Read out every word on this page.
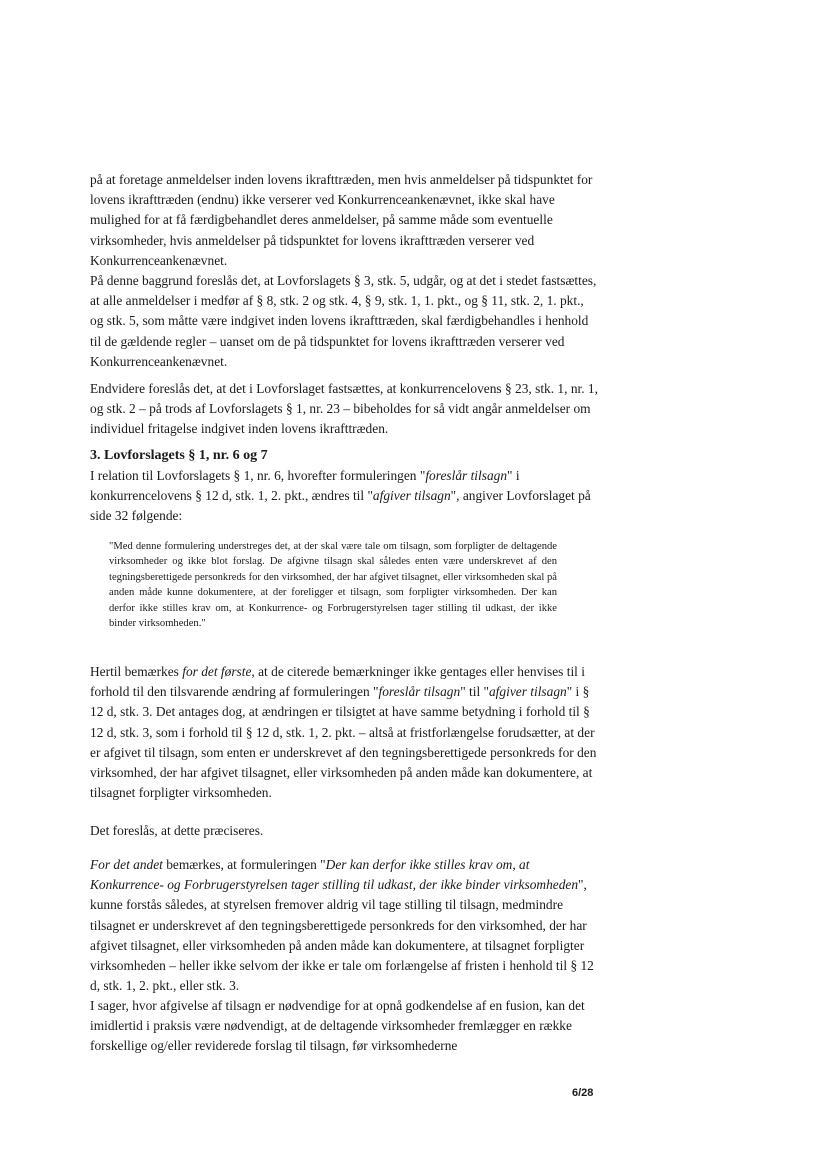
på at foretage anmeldelser inden lovens ikrafttræden, men hvis anmeldelser på tidspunktet for lovens ikrafttræden (endnu) ikke verserer ved Konkurrenceankenævnet, ikke skal have mulighed for at få færdigbehandlet deres anmeldelser, på samme måde som eventuelle virksomheder, hvis anmeldelser på tidspunktet for lovens ikrafttræden verserer ved Konkurrenceankenævnet.

På denne baggrund foreslås det, at Lovforslagets § 3, stk. 5, udgår, og at det i stedet fastsættes, at alle anmeldelser i medfør af § 8, stk. 2 og stk. 4, § 9, stk. 1, 1. pkt., og § 11, stk. 2, 1. pkt., og stk. 5, som måtte være indgivet inden lovens ikrafttræden, skal færdigbehandles i henhold til de gældende regler – uanset om de på tidspunktet for lovens ikrafttræden verserer ved Konkurrenceankenævnet.

Endvidere foreslås det, at det i Lovforslaget fastsættes, at konkurrencelovens § 23, stk. 1, nr. 1, og stk. 2 – på trods af Lovforslagets § 1, nr. 23 – bibeholdes for så vidt angår anmeldelser om individuel fritagelse indgivet inden lovens ikrafttræden.

3. Lovforslagets § 1, nr. 6 og 7

I relation til Lovforslagets § 1, nr. 6, hvorefter formuleringen "foreslår tilsagn" i konkurrencelovens § 12 d, stk. 1, 2. pkt., ændres til "afgiver tilsagn", angiver Lovforslaget på side 32 følgende:

"Med denne formulering understreges det, at der skal være tale om tilsagn, som forpligter de deltagende virksomheder og ikke blot forslag. De afgivne tilsagn skal således enten være underskrevet af den tegningsberettigede personkreds for den virksomhed, der har afgivet tilsagnet, eller virksomheden skal på anden måde kunne dokumentere, at der foreligger et tilsagn, som forpligter virksomheden. Der kan derfor ikke stilles krav om, at Konkurrence- og Forbrugerstyrelsen tager stilling til udkast, der ikke binder virksomheden."

Hertil bemærkes for det første, at de citerede bemærkninger ikke gentages eller henvises til i forhold til den tilsvarende ændring af formuleringen "foreslår tilsagn" til "afgiver tilsagn" i § 12 d, stk. 3. Det antages dog, at ændringen er tilsigtet at have samme betydning i forhold til § 12 d, stk. 3, som i forhold til § 12 d, stk. 1, 2. pkt. – altså at fristforlængelse forudsætter, at der er afgivet til tilsagn, som enten er underskrevet af den tegningsberettigede personkreds for den virksomhed, der har afgivet tilsagnet, eller virksomheden på anden måde kan dokumentere, at tilsagnet forpligter virksomheden.

Det foreslås, at dette præciseres.

For det andet bemærkes, at formuleringen "Der kan derfor ikke stilles krav om, at Konkurrence- og Forbrugerstyrelsen tager stilling til udkast, der ikke binder virksomheden", kunne forstås således, at styrelsen fremover aldrig vil tage stilling til tilsagn, medmindre tilsagnet er underskrevet af den tegningsberettigede personkreds for den virksomhed, der har afgivet tilsagnet, eller virksomheden på anden måde kan dokumentere, at tilsagnet forpligter virksomheden – heller ikke selvom der ikke er tale om forlængelse af fristen i henhold til § 12 d, stk. 1, 2. pkt., eller stk. 3.

I sager, hvor afgivelse af tilsagn er nødvendige for at opnå godkendelse af en fusion, kan det imidlertid i praksis være nødvendigt, at de deltagende virksomheder fremlægger en række forskellige og/eller reviderede forslag til tilsagn, før virksomhederne

6/28
